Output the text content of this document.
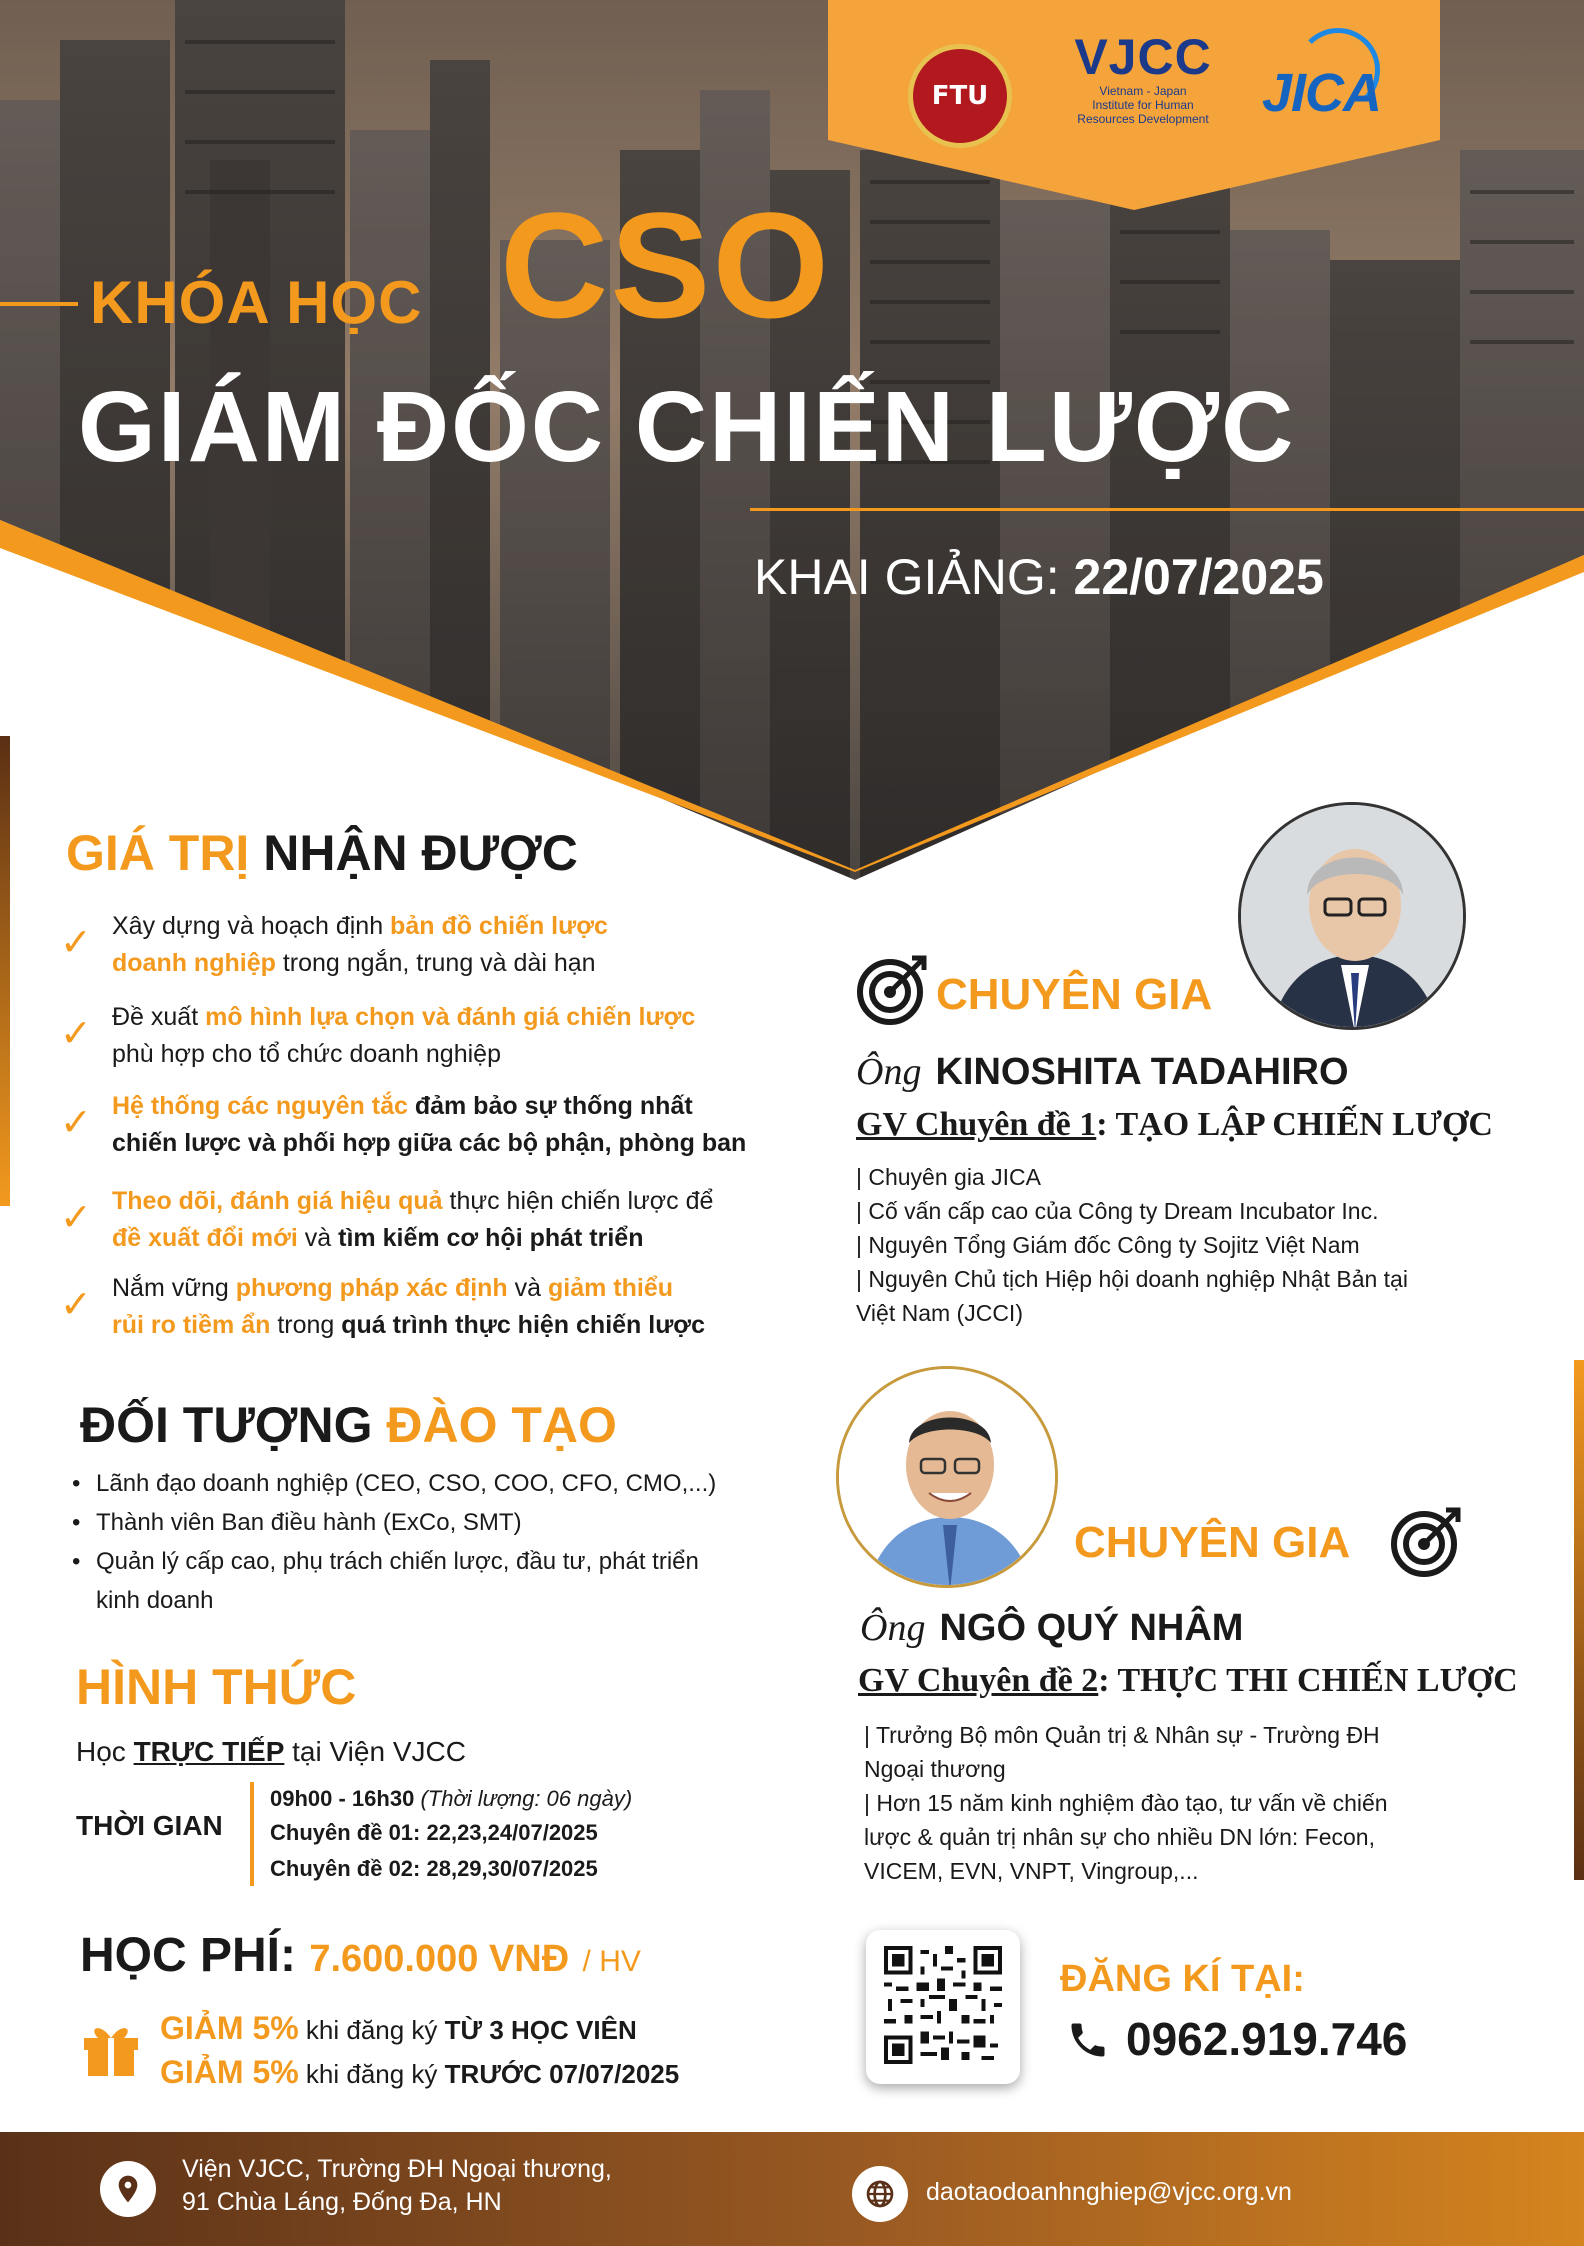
FTU
VJCC
Vietnam - Japan
Institute for Human
Resources Development JICA
KHÓA HỌC CSO
GIÁM ĐỐC CHIẾN LƯỢC
KHAI GIẢNG: 22/07/2025
GIÁ TRỊ NHẬN ĐƯỢC
✓ Xây dựng và hoạch định bản đồ chiến lược
doanh nghiệp trong ngắn, trung và dài hạn
✓ Đề xuất mô hình lựa chọn và đánh giá chiến lược
phù hợp cho tổ chức doanh nghiệp
✓ Hệ thống các nguyên tắc đảm bảo sự thống nhất
chiến lược và phối hợp giữa các bộ phận, phòng ban
✓ Theo dõi, đánh giá hiệu quả thực hiện chiến lược để
đề xuất đổi mới và tìm kiếm cơ hội phát triển
✓ Nắm vững phương pháp xác định và giảm thiểu
rủi ro tiềm ẩn trong quá trình thực hiện chiến lược
ĐỐI TƯỢNG ĐÀO TẠO
• Lãnh đạo doanh nghiệp (CEO, CSO, COO, CFO, CMO,...)
• Thành viên Ban điều hành (ExCo, SMT)
• Quản lý cấp cao, phụ trách chiến lược, đầu tư, phát triển
kinh doanh
HÌNH THỨC
Học TRỰC TIẾP tại Viện VJCC
THỜI GIAN
09h00 - 16h30 (Thời lượng: 06 ngày)
Chuyên đề 01: 22,23,24/07/2025
Chuyên đề 02: 28,29,30/07/2025
HỌC PHÍ: 7.600.000 VNĐ / HV
GIẢM 5% khi đăng ký TỪ 3 HỌC VIÊN
GIẢM 5% khi đăng ký TRƯỚC 07/07/2025
CHUYÊN GIA
Ông KINOSHITA TADAHIRO
GV Chuyên đề 1: TẠO LẬP CHIẾN LƯỢC
| Chuyên gia JICA
| Cố vấn cấp cao của Công ty Dream Incubator Inc.
| Nguyên Tổng Giám đốc Công ty Sojitz Việt Nam
| Nguyên Chủ tịch Hiệp hội doanh nghiệp Nhật Bản tại
Việt Nam (JCCI)
CHUYÊN GIA
Ông NGÔ QUÝ NHÂM
GV Chuyên đề 2: THỰC THI CHIẾN LƯỢC
| Trưởng Bộ môn Quản trị & Nhân sự - Trường ĐH
Ngoại thương
| Hơn 15 năm kinh nghiệm đào tạo, tư vấn về chiến
lược & quản trị nhân sự cho nhiều DN lớn: Fecon,
VICEM, EVN, VNPT, Vingroup,...
ĐĂNG KÍ TẠI:
0962.919.746
Viện VJCC, Trường ĐH Ngoại thương,
91 Chùa Láng, Đống Đa, HN	daotaodoanhnghiep@vjcc.org.vn
